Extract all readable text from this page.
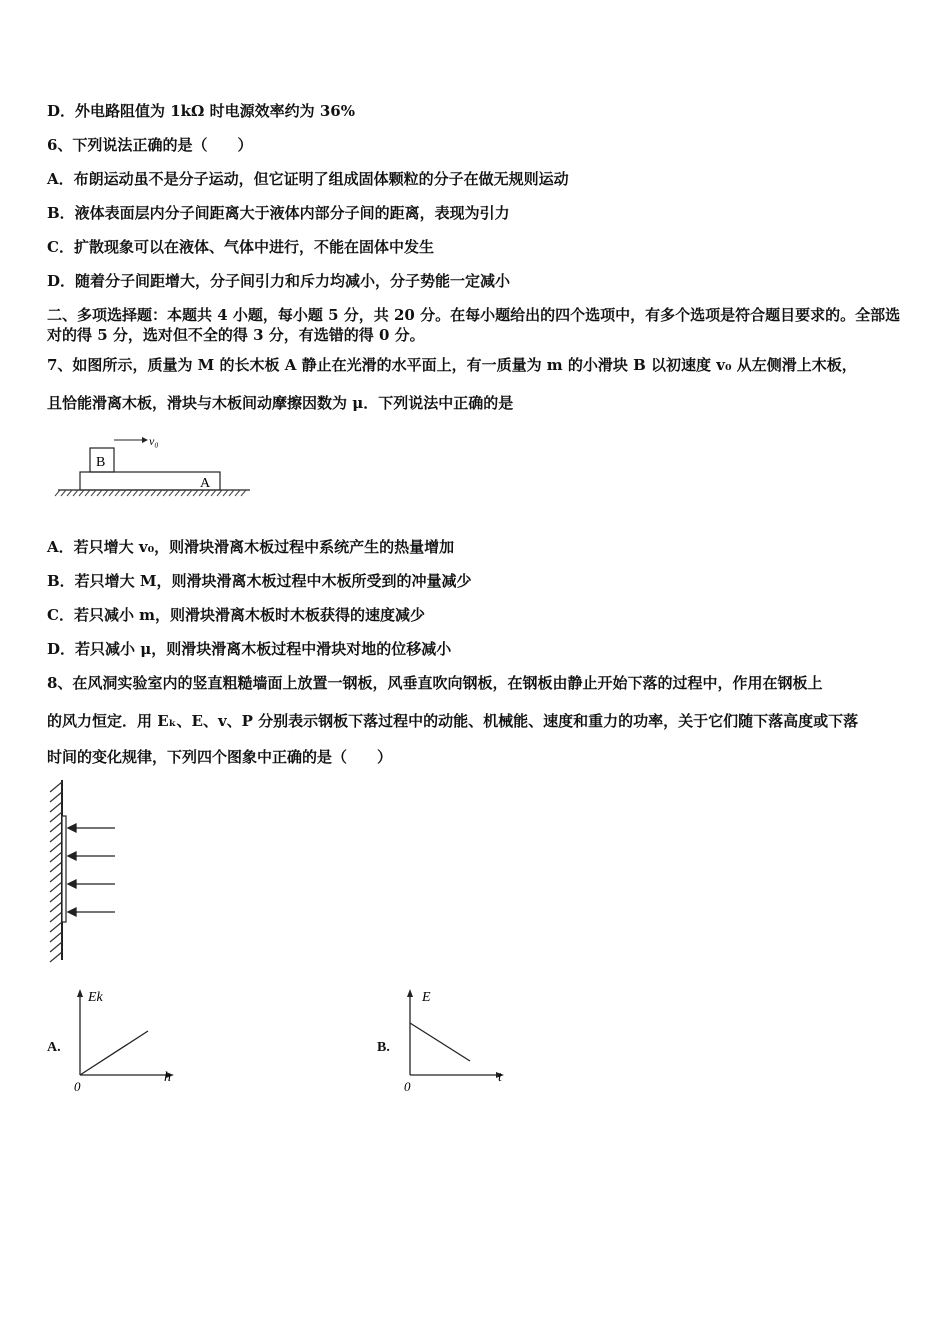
D．外电路阻值为 1kΩ 时电源效率约为 36%

6、下列说法正确的是（　　）

A．布朗运动虽不是分子运动，但它证明了组成固体颗粒的分子在做无规则运动

B．液体表面层内分子间距离大于液体内部分子间的距离，表现为引力

C．扩散现象可以在液体、气体中进行，不能在固体中发生

D．随着分子间距增大，分子间引力和斥力均减小，分子势能一定减小

二、多项选择题：本题共 4 小题，每小题 5 分，共 20 分。在每小题给出的四个选项中，有多个选项是符合题目要求的。全部选对的得 5 分，选对但不全的得 3 分，有选错的得 0 分。

7、如图所示，质量为 M 的长木板 A 静止在光滑的水平面上，有一质量为 m 的小滑块 B 以初速度 v₀ 从左侧滑上木板，

且恰能滑离木板，滑块与木板间动摩擦因数为 μ．下列说法中正确的是

v₀
B
A

A．若只增大 v₀，则滑块滑离木板过程中系统产生的热量增加

B．若只增大 M，则滑块滑离木板过程中木板所受到的冲量减少

C．若只减小 m，则滑块滑离木板时木板获得的速度减少

D．若只减小 μ，则滑块滑离木板过程中滑块对地的位移减小

8、在风洞实验室内的竖直粗糙墙面上放置一钢板，风垂直吹向钢板，在钢板由静止开始下落的过程中，作用在钢板上

的风力恒定．用 Eₖ、E、v、P 分别表示钢板下落过程中的动能、机械能、速度和重力的功率，关于它们随下落高度或下落

时间的变化规律，下列四个图象中正确的是（　　）

A.
Ek
h
0
B.
E
t
0
